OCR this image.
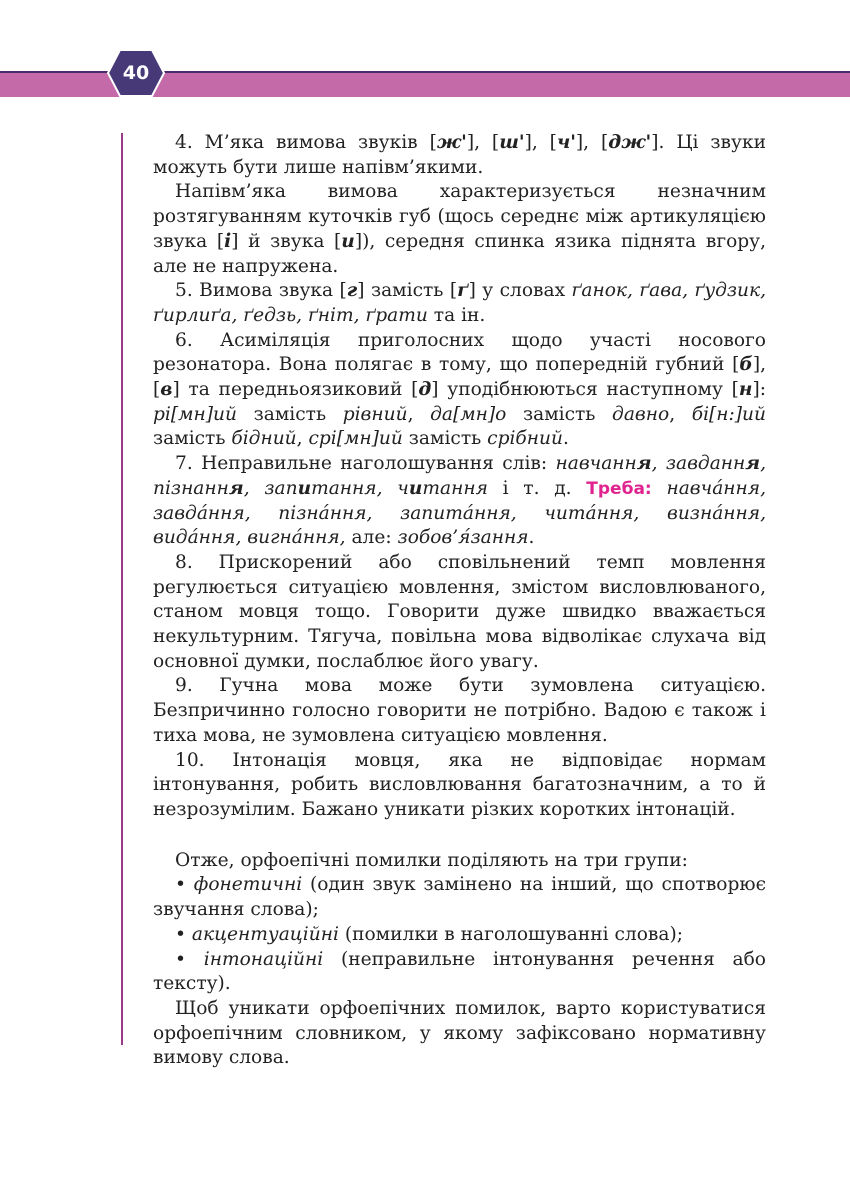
40

4. М’яка вимова звуків [ж'], [ш'], [ч'], [дж']. Ці звуки можуть бути лише напівм’якими.

Напівм’яка вимова характеризується незначним розтягуванням куточків губ (щось середнє між артикуляцією звука [і] й звука [и]), середня спинка язика піднята вгору, але не напружена.

5. Вимова звука [г] замість [ґ] у словах ґанок, ґава, ґудзик, ґирлиґа, ґедзь, ґніт, ґрати та ін.

6. Асиміляція приголосних щодо участі носового резонатора. Вона полягає в тому, що попередній губний [б], [в] та передньоязиковий [д] уподібнюються наступному [н]: рі[мн]ий замість рівний, да[мн]о замість давно, бі[н:]ий замість бідний, срі[мн]ий замість срібний.

7. Неправильне наголошування слів: навчання, завдання, пізнання, запитання, читання і т. д. Треба: навча́ння, завда́ння, пізна́ння, запита́ння, чита́ння, визна́ння, вида́ння, вигна́ння, але: зобов’я́зання.

8. Прискорений або сповільнений темп мовлення регулюється ситуацією мовлення, змістом висловлюваного, станом мовця тощо. Говорити дуже швидко вважається некультурним. Тягуча, повільна мова відволікає слухача від основної думки, послаблює його увагу.

9. Гучна мова може бути зумовлена ситуацією. Безпричинно голосно говорити не потрібно. Вадою є також і тиха мова, не зумовлена ситуацією мовлення.

10. Інтонація мовця, яка не відповідає нормам інтонування, робить висловлювання багатозначним, а то й незрозумілим. Бажано уникати різких коротких інтонацій.

Отже, орфоепічні помилки поділяють на три групи:

• фонетичні (один звук замінено на інший, що спотворює звучання слова);

• акцентуаційні (помилки в наголошуванні слова);

• інтонаційні (неправильне інтонування речення або тексту).

Щоб уникати орфоепічних помилок, варто користуватися орфоепічним словником, у якому зафіксовано нормативну вимову слова.
